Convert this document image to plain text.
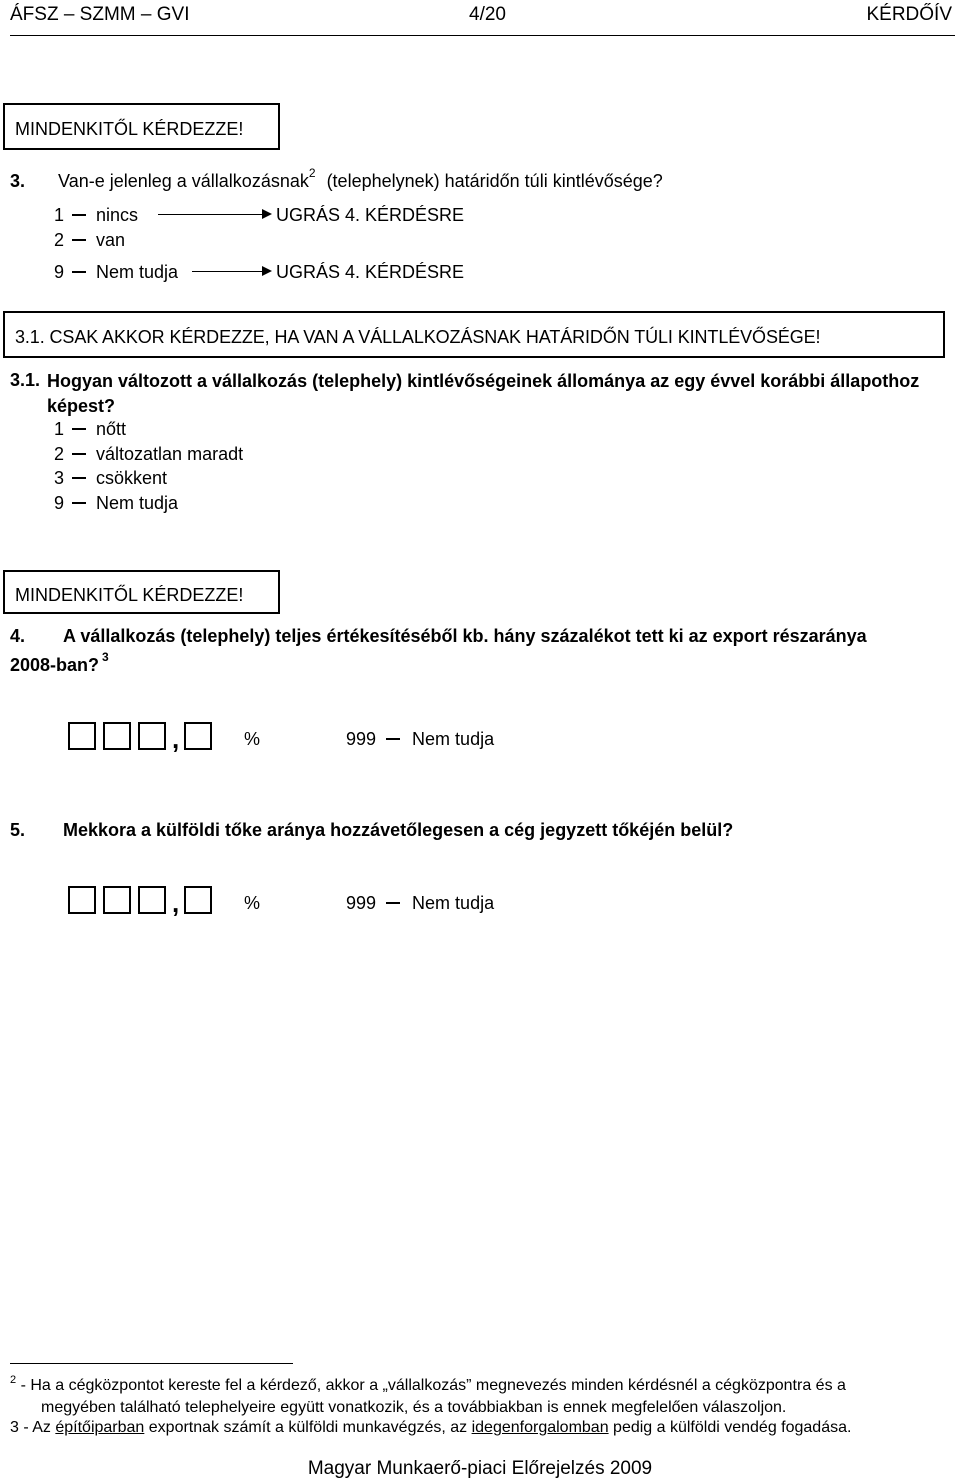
ÁFSZ – SZMM – GVI	4/20	KÉRDŐÍV
MINDENKITŐL KÉRDEZZE!
3. Van-e jelenleg a vállalkozásnak$^2$ (telephelynek) határidőn túli kintlévősége?
1 nincs	UGRÁS 4. KÉRDÉSRE
2 van
9 Nem tudja	UGRÁS 4. KÉRDÉSRE
3.1. CSAK AKKOR KÉRDEZZE, HA VAN A VÁLLALKOZÁSNAK HATÁRIDŐN TÚLI KINTLÉVŐSÉGE!
3.1. Hogyan változott a vállalkozás (telephely) kintlévőségeinek állománya az egy évvel korábbi állapothoz képest?
1 nőtt
2 változatlan maradt
3 csökkent
9 Nem tudja
MINDENKITŐL KÉRDEZZE!
4. A vállalkozás (telephely) teljes értékesítéséből kb. hány százalékot tett ki az export részaránya
2008-ban? $^3$
,	%	999 Nem tudja
5. Mekkora a külföldi tőke aránya hozzávetőlegesen a cég jegyzett tőkéjén belül?
,	%	999 Nem tudja
$^2$ - Ha a cégközpontot kereste fel a kérdező, akkor a „vállalkozás” megnevezés minden kérdésnél a cégközpontra és a
megyében található telephelyeire együtt vonatkozik, és a továbbiakban is ennek megfelelően válaszoljon.
3 - Az építőiparban exportnak számít a külföldi munkavégzés, az idegenforgalomban pedig a külföldi vendég fogadása.
Magyar Munkaerő-piaci Előrejelzés 2009
